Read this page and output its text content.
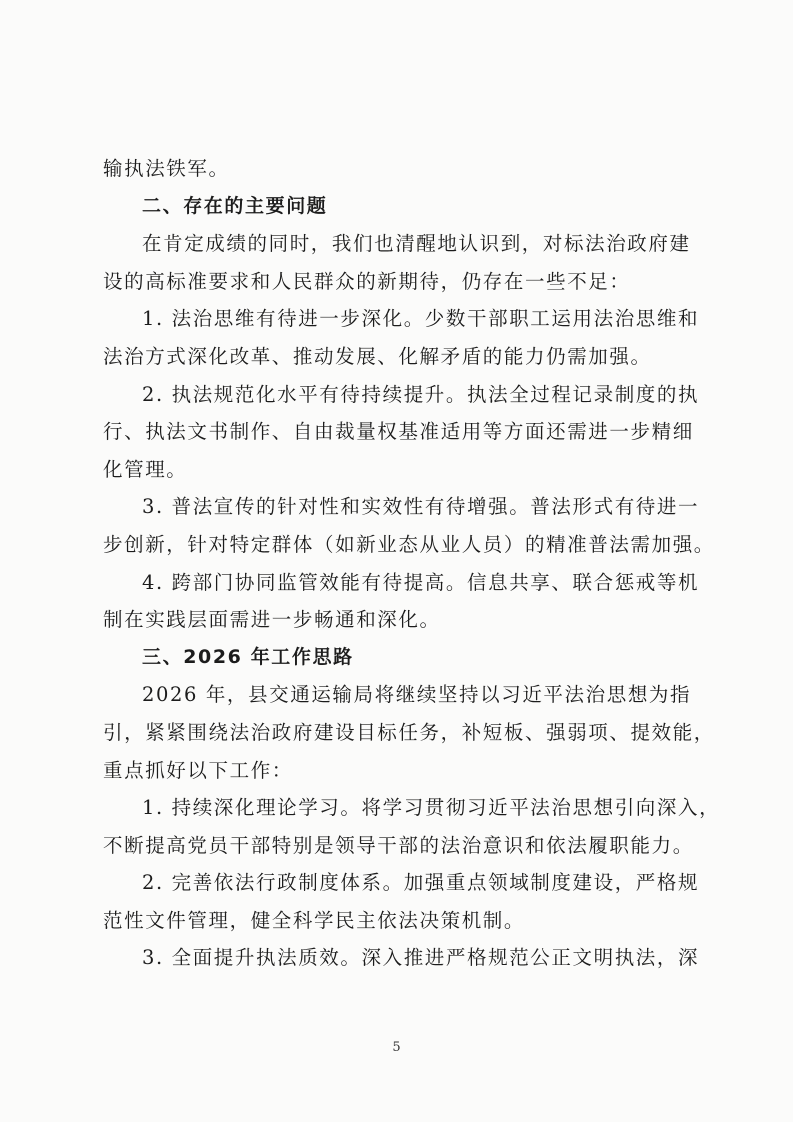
输执法铁军。

二、存在的主要问题

在肯定成绩的同时，我们也清醒地认识到，对标法治政府建

设的高标准要求和人民群众的新期待，仍存在一些不足：

1. 法治思维有待进一步深化。少数干部职工运用法治思维和

法治方式深化改革、推动发展、化解矛盾的能力仍需加强。

2. 执法规范化水平有待持续提升。执法全过程记录制度的执

行、执法文书制作、自由裁量权基准适用等方面还需进一步精细

化管理。

3. 普法宣传的针对性和实效性有待增强。普法形式有待进一

步创新，针对特定群体（如新业态从业人员）的精准普法需加强。

4. 跨部门协同监管效能有待提高。信息共享、联合惩戒等机

制在实践层面需进一步畅通和深化。

三、2026 年工作思路

2026 年，县交通运输局将继续坚持以习近平法治思想为指

引，紧紧围绕法治政府建设目标任务，补短板、强弱项、提效能，

重点抓好以下工作：

1. 持续深化理论学习。将学习贯彻习近平法治思想引向深入，

不断提高党员干部特别是领导干部的法治意识和依法履职能力。

2. 完善依法行政制度体系。加强重点领域制度建设，严格规

范性文件管理，健全科学民主依法决策机制。

3. 全面提升执法质效。深入推进严格规范公正文明执法，深

5
